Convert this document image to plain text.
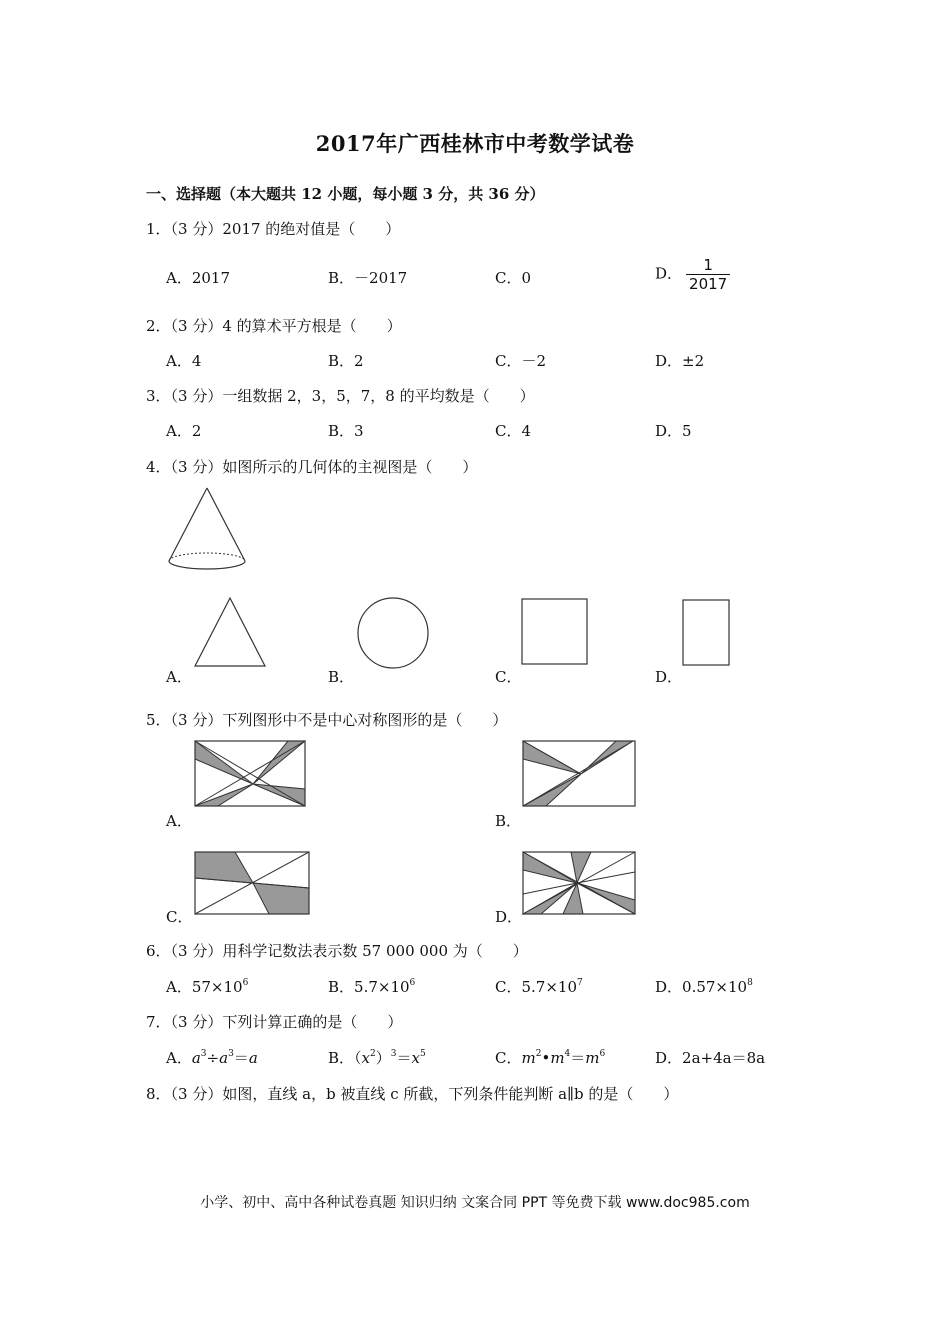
2017年广西桂林市中考数学试卷
一、选择题（本大题共 12 小题，每小题 3 分，共 36 分）
1．（3 分）2017 的绝对值是（　　）
A．2017	B．－2017	C．0	D． $\frac{1}{2017}$
2．（3 分）4 的算术平方根是（　　）
A．4	B．2	C．－2	D．±2
3．（3 分）一组数据 2，3，5，7，8 的平均数是（　　）
A．2	B．3	C．4	D．5
4．（3 分）如图所示的几何体的主视图是（　　）
A．	B．	C．	D．
5．（3 分）下列图形中不是中心对称图形的是（　　）
A．	B．
C．	D．
6．（3 分）用科学记数法表示数 57 000 000 为（　　）
A．$57\times 10^6$	B．$5.7\times 10^6$	C．$5.7\times 10^7$	D．$0.57\times 10^8$
7．（3 分）下列计算正确的是（　　）
A．$a^3\div a^3=a$	B．$(x^2)^3=x^5$	C．$m^2•m^4=m^6$	D．2a+4a＝8a
8．（3 分）如图，直线 a，b 被直线 c 所截，下列条件能判断 a∥b 的是（　　）
小学、初中、高中各种试卷真题 知识归纳 文案合同 PPT 等免费下载 www.doc985.com
